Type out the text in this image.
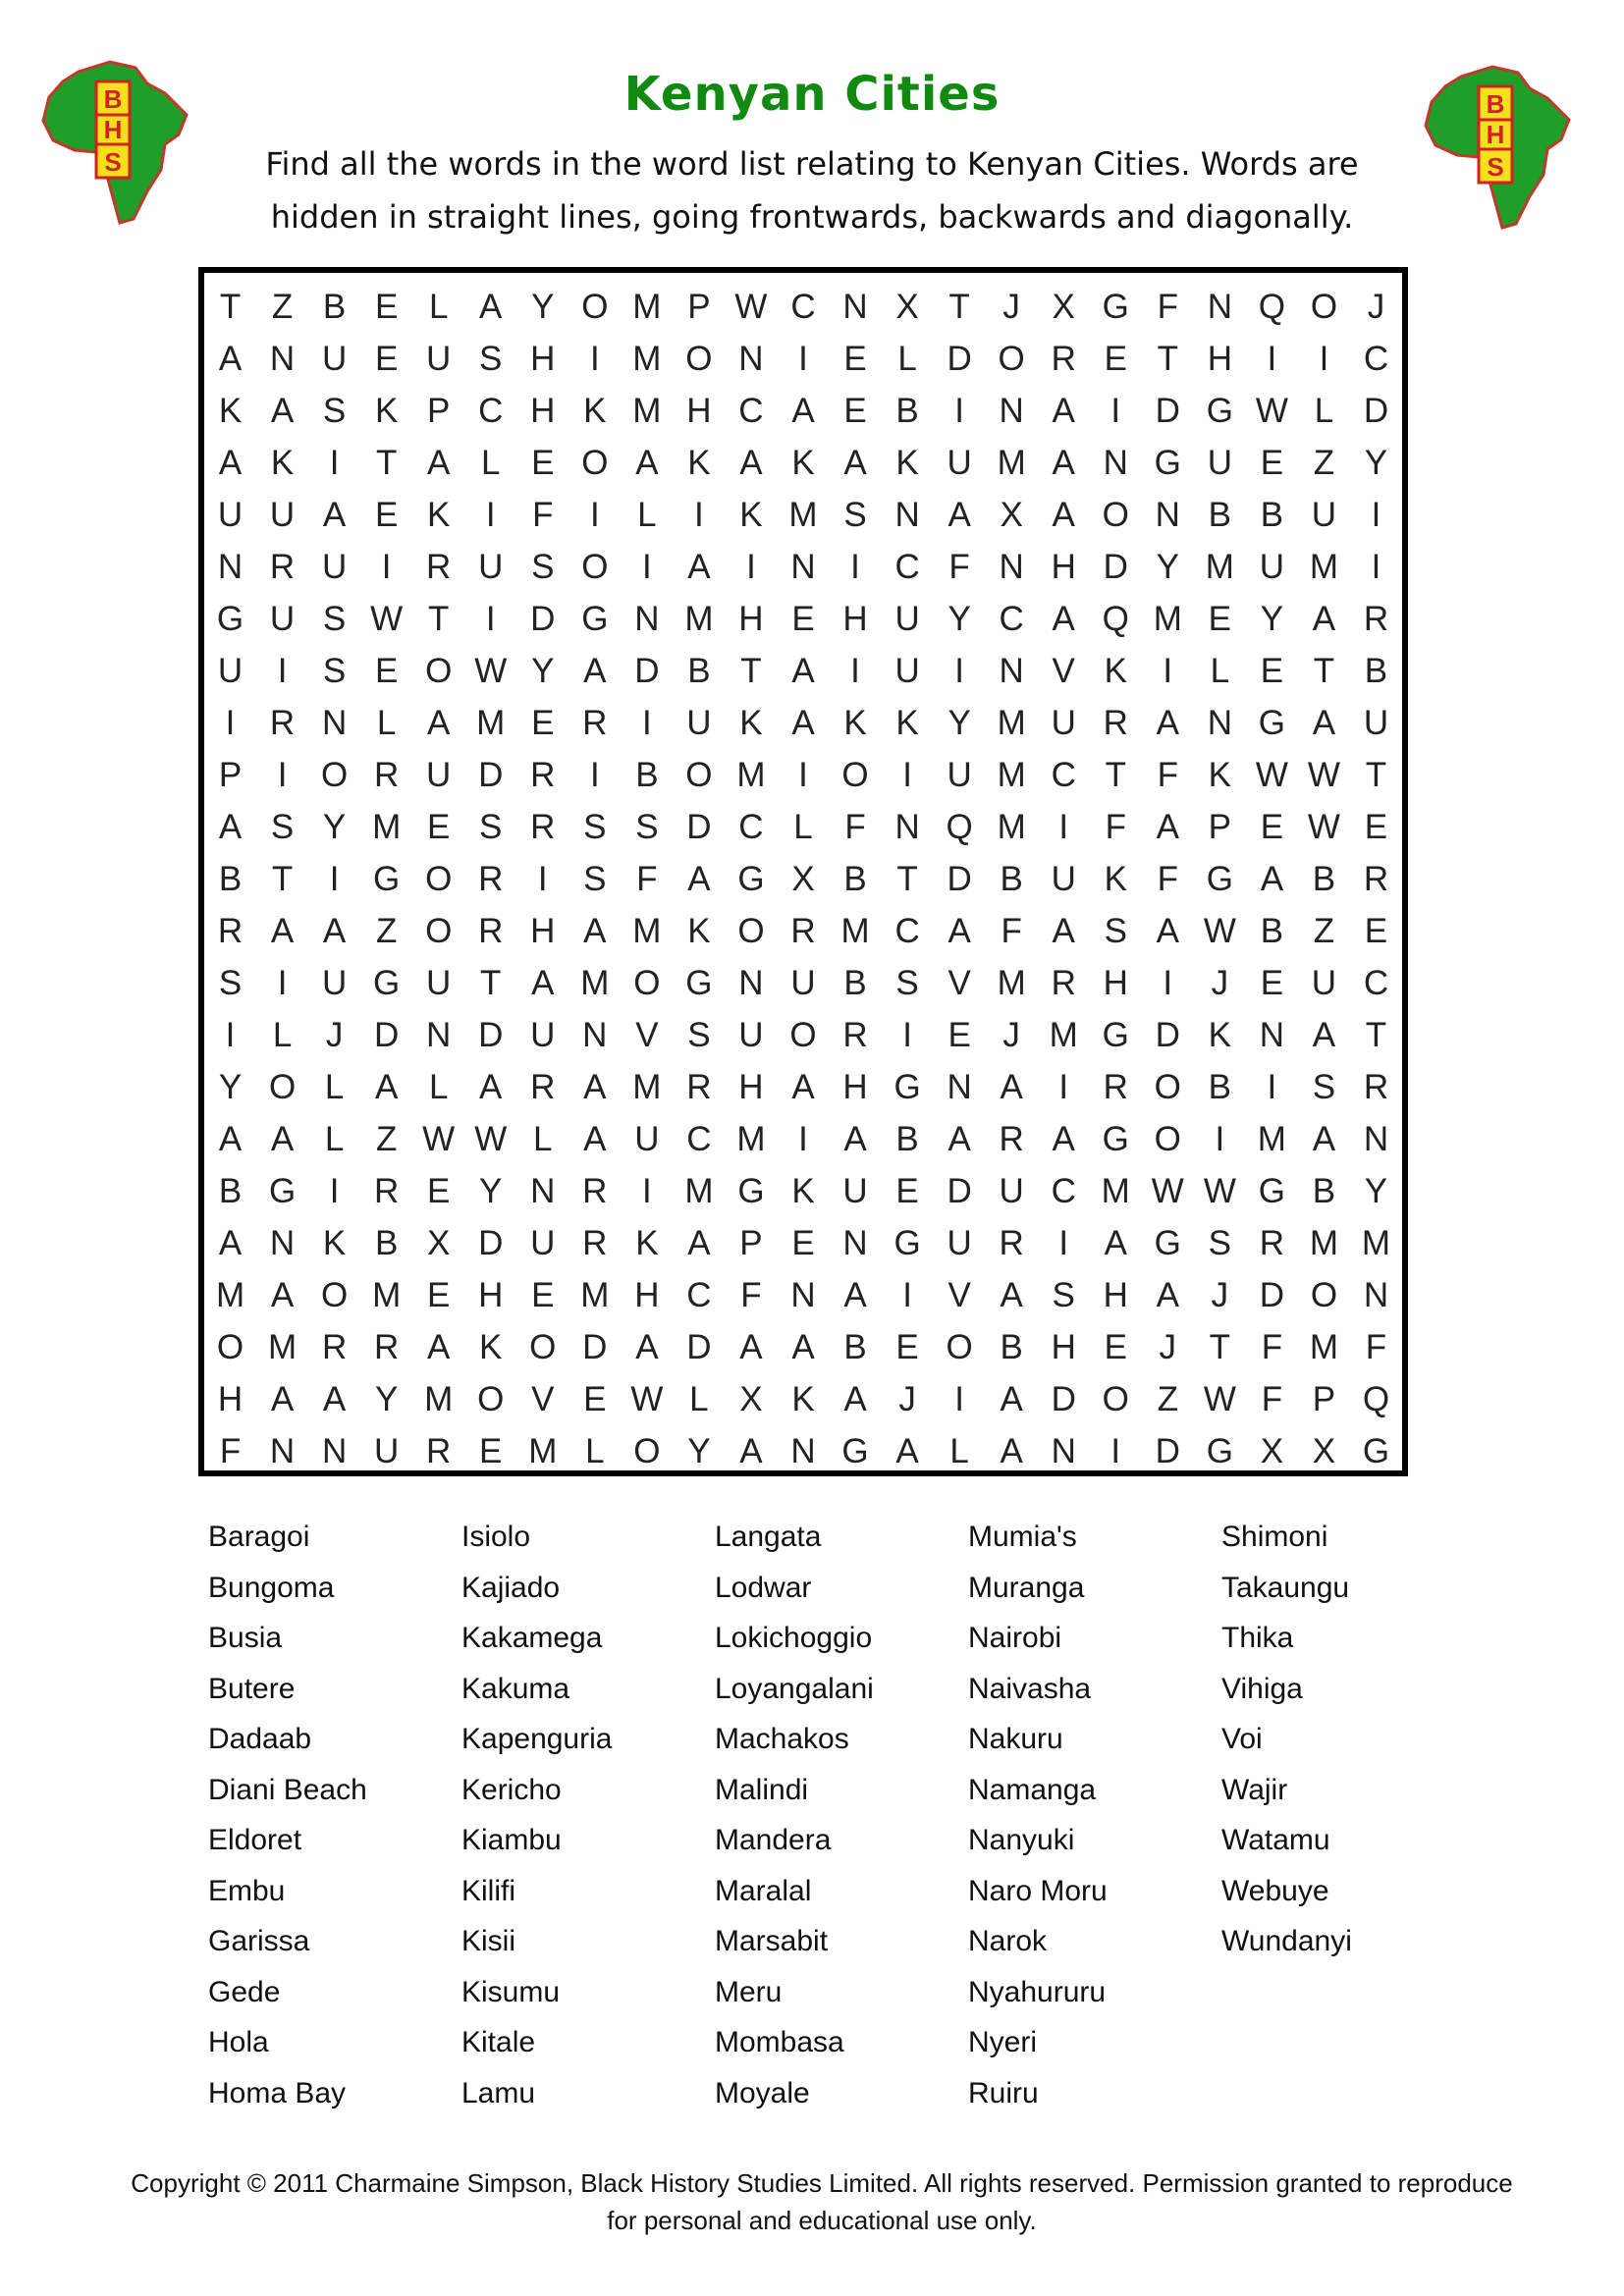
B
H
S
B
H
S
Kenyan Cities
Find all the words in the word list relating to Kenyan Cities. Words are
hidden in straight lines, going frontwards, backwards and diagonally.
T Z B E L A Y O M P W C N X T J X G F N Q O J
A N U E U S H	I M O N	I	E L D O R E T H	I	I	C
K A S K P C H K M H C A E B	I	N A	I	D G W L D
A K	I	T A L E O A K A K A K U M A N G U E Z Y
U U A E K	I	F	I	L	I	K M S N A X A O N B B U	I
N R U	I	R U S O I	A	I	N	I	C F N H D Y M U M I
G U S W T	I	D G N M H E H U Y C A Q M E Y A R
U	I	S E O W Y A D B T A	I	U	I	N V K	I	L E T B
I	R N L A M E R	I	U K A K K Y M U R A N G A U
P	I O R U D R	I	B O M I O I	U M C T F K W W T
A S Y M E S R S S D C L F N Q M I	F A P E W E
B T	I G O R	I	S F A G X B T D B U K F G A B R
R A A Z O R H A M K O R M C A F A S A W B Z E
S	I	U G U T A M O G N U B S V M R H	I	J E U C
I	L J D N D U N V S U O R	I	E J M G D K N A T
Y O L A L A R A M R H A H G N A	I	R O B	I	S R
A A L Z W W L A U C M I	A B A R A G O I M A N
B G I	R E Y N R	I M G K U E D U C M W W G B Y
A N K B X D U R K A P E N G U R	I	A G S R M M
M A O M E H E M H C F N A	I	V A S H A J D O N
O M R R A K O D A D A A B E O B H E J T F M F
H A A Y M O V E W L X K A J	I	A D O Z W F P Q
F N N U R E M L O Y A N G A L A N	I	D G X X G
Baragoi
Bungoma
Busia
Butere
Dadaab
Diani Beach
Eldoret
Embu
Garissa
Gede
Hola
Homa Bay
Isiolo
Kajiado
Kakamega
Kakuma
Kapenguria
Kericho
Kiambu
Kilifi
Kisii
Kisumu
Kitale
Lamu
Langata
Lodwar
Lokichoggio
Loyangalani
Machakos
Malindi
Mandera
Maralal
Marsabit
Meru
Mombasa
Moyale
Mumia's
Muranga
Nairobi
Naivasha
Nakuru
Namanga
Nanyuki
Naro Moru
Narok
Nyahururu
Nyeri
Ruiru
Shimoni
Takaungu
Thika
Vihiga
Voi
Wajir
Watamu
Webuye
Wundanyi
Copyright © 2011 Charmaine Simpson, Black History Studies Limited. All rights reserved. Permission granted to reproduce
for personal and educational use only.
